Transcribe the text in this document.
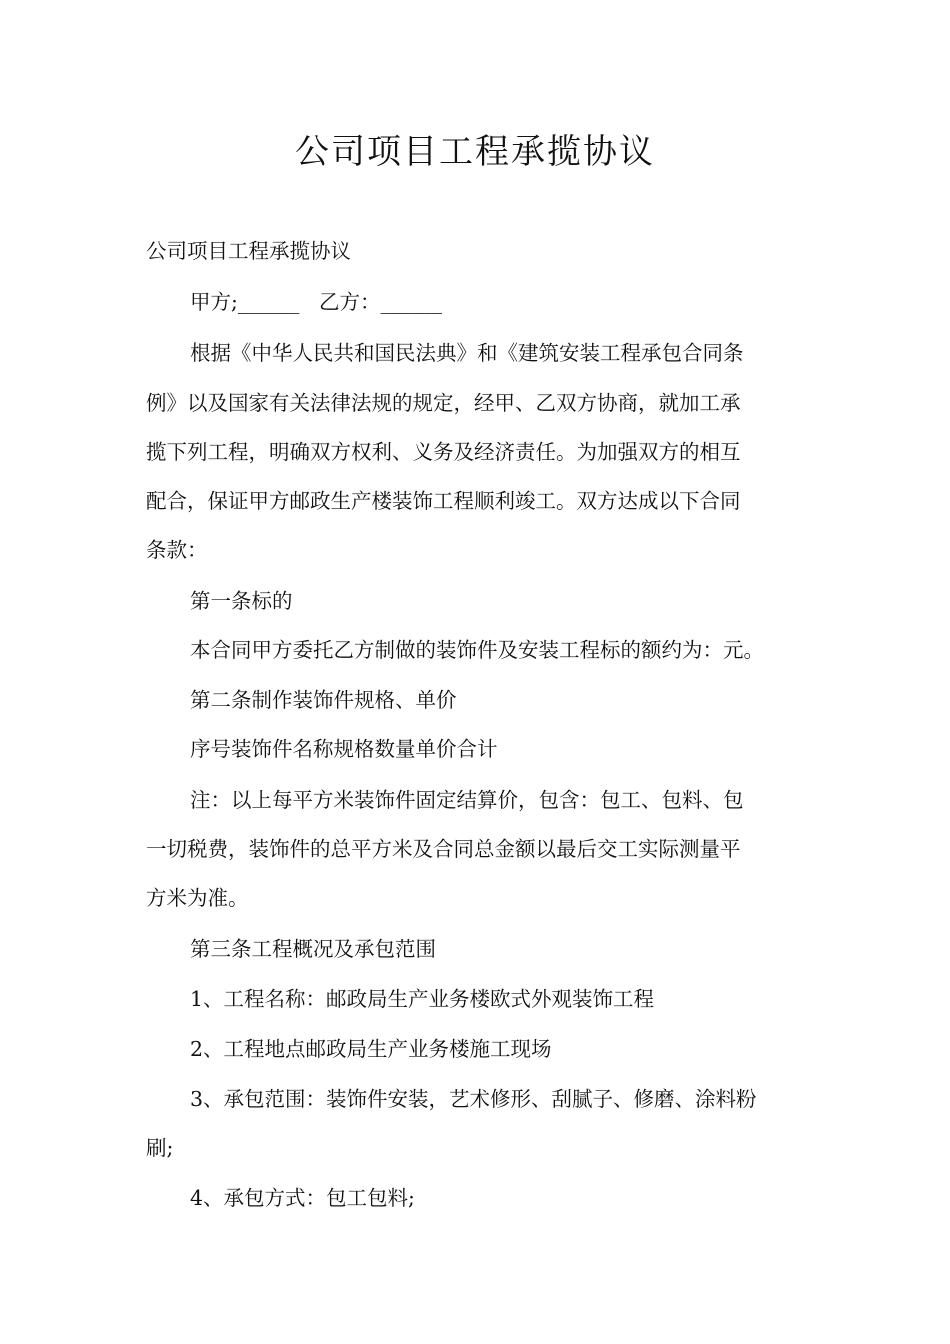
公司项目工程承揽协议

公司项目工程承揽协议

甲方;______ 乙方：______

根据《中华人民共和国民法典》和《建筑安装工程承包合同条

例》以及国家有关法律法规的规定，经甲、乙双方协商，就加工承

揽下列工程，明确双方权利、义务及经济责任。为加强双方的相互

配合，保证甲方邮政生产楼装饰工程顺利竣工。双方达成以下合同

条款：

第一条标的

本合同甲方委托乙方制做的装饰件及安装工程标的额约为：元。

第二条制作装饰件规格、单价

序号装饰件名称规格数量单价合计

注：以上每平方米装饰件固定结算价，包含：包工、包料、包

一切税费，装饰件的总平方米及合同总金额以最后交工实际测量平

方米为准。

第三条工程概况及承包范围

1、工程名称：邮政局生产业务楼欧式外观装饰工程

2、工程地点邮政局生产业务楼施工现场

3、承包范围：装饰件安装，艺术修形、刮腻子、修磨、涂料粉

刷;

4、承包方式：包工包料;
